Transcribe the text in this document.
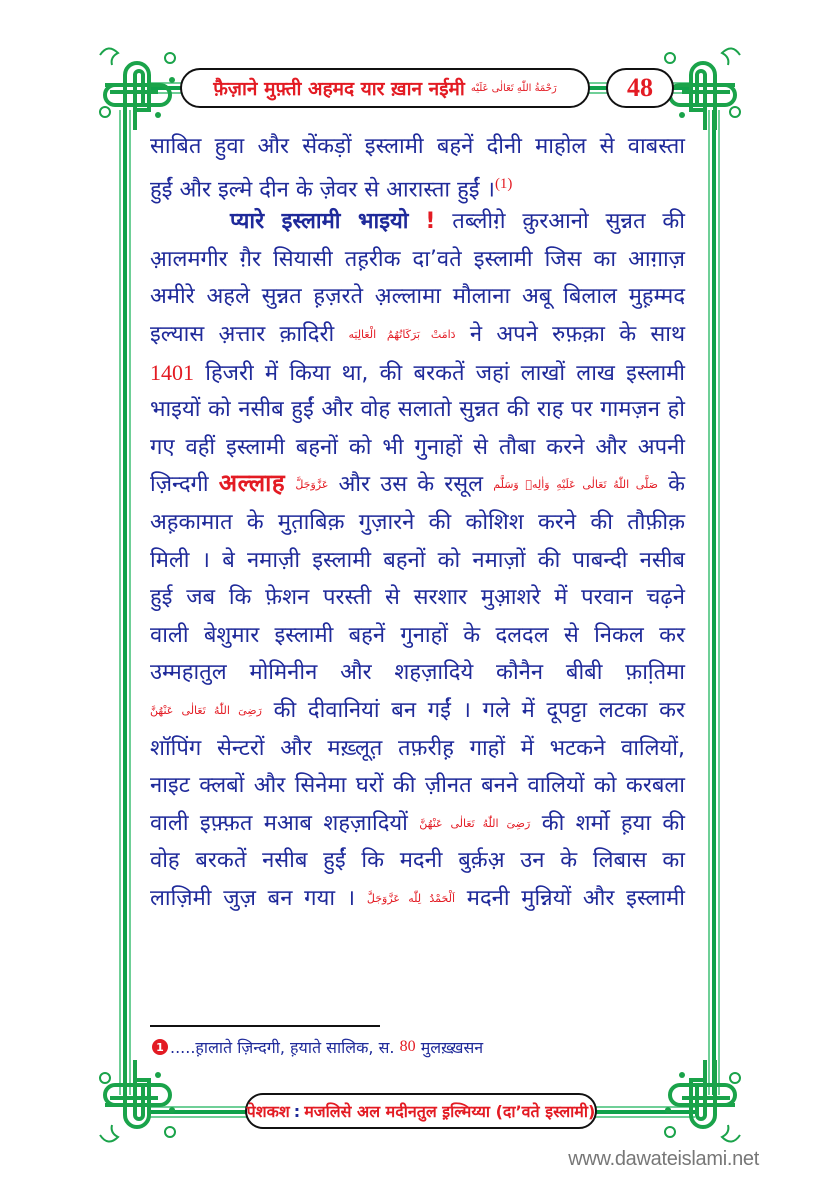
फ़ैज़ाने मुफ़्ती अहमद यार ख़ान नईमी رَحْمَةُ اللّٰهِ تَعَالٰی عَلَیْه	48
साबित हुवा और सेंकड़ों इस्लामी बहनें दीनी माहोल से वाबस्ता
हुईं और इल्मे दीन के ज़ेवर से आरास्ता हुईं ।$^{(1)}$
प्यारे इस्लामी भाइयो ! तब्लीग़े क़ुरआनो सुन्नत की
आ़लमगीर ग़ैर सियासी तह़रीक दा’वते इस्लामी जिस का आग़ाज़
अमीरे अहले सुन्नत ह़ज़रते अ़ल्लामा मौलाना अबू बिलाल मुह़म्मद
इल्यास अ़त्तार क़ादिरी دَامَتْ بَرَكَاتُهُمُ الْعَالِيَه ने अपने रुफ़क़ा के साथ
1401 हिजरी में किया था, की बरकतें जहां लाखों लाख इस्लामी
भाइयों को नसीब हुईं और वोह सलातो सुन्नत की राह पर गामज़न हो
गए वहीं इस्लामी बहनों को भी गुनाहों से तौबा करने और अपनी
ज़िन्दगी अल्लाह عَزَّوَجَلَّ और उस के रसूल صَلَّى اللّٰهُ تَعَالٰى عَلَيْهِ وَاٰلِهٖ وَسَلَّم के
अह़कामात के मुत़ाबिक़ गुज़ारने की कोशिश करने की तौफ़ीक़
मिली । बे नमाज़ी इस्लामी बहनों को नमाज़ों की पाबन्दी नसीब
हुई जब कि फ़ेशन परस्ती से सरशार मुआ़शरे में परवान चढ़ने
वाली बेशुमार इस्लामी बहनें गुनाहों के दलदल से निकल कर
उम्महातुल मोमिनीन और शहज़ादिये कौनैन बीबी फ़ाति़मा
رَضِیَ اللّٰهُ تَعَالٰی عَنْهُنَّ की दीवानियां बन गईं । गले में दूपट्टा लटका कर
शॉपिंग सेन्टरों और मख़्लूत़ तफ़रीह़ गाहों में भटकने वालियों,
नाइट क्लबों और सिनेमा घरों की ज़ीनत बनने वालियों को करबला
वाली इफ़्फ़त मआब शहज़ादियों رَضِیَ اللّٰهُ تَعَالٰی عَنْهُنَّ की शर्मो ह़या की
वोह बरकतें नसीब हुईं कि मदनी बुर्क़अ़ उन के लिबास का
लाज़िमी जुज़ बन गया । اَلْحَمْدُ لِلّٰه عَزَّوَجَلَّ मदनी मुन्नियों और इस्लामी
1 .....ह़ालाते ज़िन्दगी, ह़याते सालिक, स.
80
मुलख़्ख़सन
पेशकश : मजलिसे अल मदीनतुल इ़ल्मिय्या (दा’वते इस्लामी)
www.dawateislami.net
